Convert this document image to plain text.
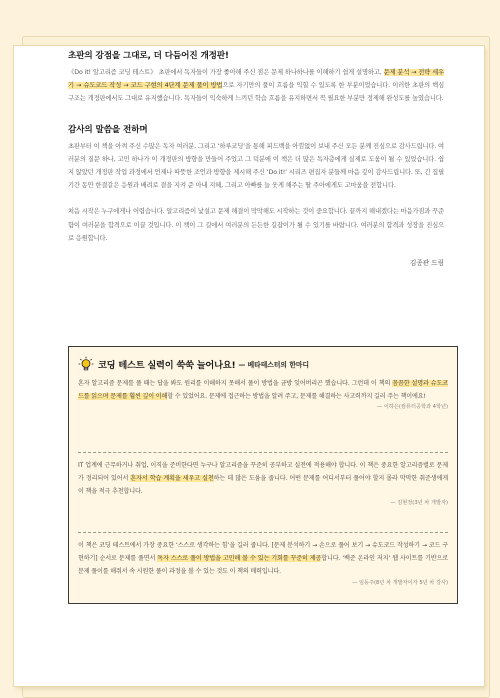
초판의 강점을 그대로, 더 다듬어진 개정판!

《Do it! 알고리즘 코딩 테스트》 초판에서 독자들이 가장 좋아해 주신 점은 문제 하나하나를 이해하기 쉽게 설명하고, 문제 분석 → 전략 세우기 → 슈도코드 작성 → 코드 구현의 4단계 문제 풀이 방법으로 자기만의 풀이 흐름을 익힐 수 있도록 한 부분이었습니다. 이러한 초판의 핵심 구조는 개정판에서도 그대로 유지했습니다. 독자들이 익숙하게 느끼던 학습 흐름을 유지하면서 꼭 필요한 부분만 정제해 완성도를 높였습니다.

감사의 말씀을 전하며

초판부터 이 책을 아껴 주신 수많은 독자 여러분, 그리고 ‘하루코딩’을 통해 피드백을 아낌없이 보내 주신 모든 분께 진심으로 감사드립니다. 여러분의 질문 하나, 고민 하나가 이 개정판의 방향을 만들어 주었고 그 덕분에 이 책은 더 많은 독자층에게 실제로 도움이 될 수 있었습니다. 쉽지 않았던 개정판 작업 과정에서 언제나 따뜻한 조언과 방향을 제시해 주신 ‘Do it!’ 시리즈 편집자 분들께 마음 깊이 감사드립니다. 또, 긴 집필 기간 동안 한결같은 응원과 배려로 곁을 지켜 준 아내 지혜, 그리고 아빠를 늘 웃게 해주는 딸 주아에게도 고마움을 전합니다.

처음 시작은 누구에게나 어렵습니다. 알고리즘이 낯설고 문제 해결이 막막해도 시작하는 것이 중요합니다. 끝까지 해내겠다는 마음가짐과 꾸준함이 여러분을 합격으로 이끌 것입니다. 이 책이 그 길에서 여러분의 든든한 길잡이가 될 수 있기를 바랍니다. 여러분의 합격과 성장을 진심으로 응원합니다.

김종관 드림
코딩 테스트 실력이 쑥쑥 늘어나요! — 베타테스터의 한마디

혼자 알고리즘 문제를 풀 때는 답을 봐도 원리를 이해하지 못해서 풀이 방법을 금방 잊어버리곤 했습니다. 그런데 이 책의 꼼꼼한 설명과 슈도코드를 읽으며 문제를 훨씬 깊이 이해할 수 있었어요. 문제에 접근하는 방법을 알려 주고, 문제를 해결하는 사고력까지 길러 주는 책이에요!

— 이하은(컴퓨터공학과 4학년)

IT 업계에 근무하거나 취업, 이직을 준비한다면 누구나 알고리즘을 꾸준히 공부하고 실전에 적용해야 합니다. 이 책은 중요한 알고리즘별로 문제가 정리되어 있어서 혼자서 학습 계획을 세우고 실천하는 데 많은 도움을 줍니다. 어떤 문제를 어디서부터 풀어야 할지 몰라 막막한 취준생에게 이 책을 적극 추천합니다.

— 김현정(3년 차 개발자)

이 책은 코딩 테스트에서 가장 중요한 ‘스스로 생각하는 힘’을 길러 줍니다. [문제 분석하기 → 손으로 풀어 보기 → 슈도코드 작성하기 → 코드 구현하기] 순서로 문제를 풀면서 독자 스스로 풀이 방법을 고민해 볼 수 있는 기회를 꾸준히 제공합니다. ‘백준 온라인 저지’ 웹 사이트를 기반으로 문제 풀이를 해줘서 속 시원한 풀이 과정을 볼 수 있는 것도 이 책의 매력입니다.

— 임동주(8년 차 개발자이자 5년 차 강사)
